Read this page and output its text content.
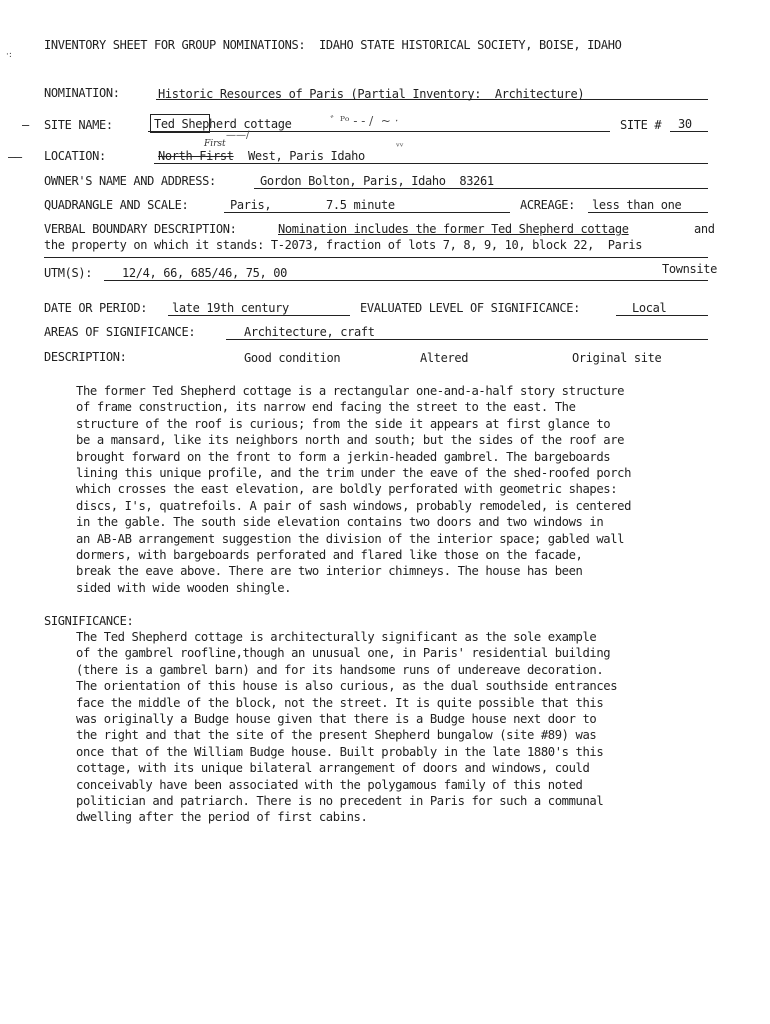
INVENTORY SHEET FOR GROUP NOMINATIONS:  IDAHO STATE HISTORICAL SOCIETY, BOISE, IDAHO
·:
NOMINATION:	Historic Resources of Paris (Partial Inventory:  Architecture)
— SITE NAME:	Ted Shepherd cottage	ﾞ ᴾᵒ - - /  ~ ˑ
——/
SITE # 30
—— LOCATION:	North First
First
West, Paris Idaho
ᵛᵛ
OWNER'S NAME AND ADDRESS:	Gordon Bolton, Paris, Idaho  83261
QUADRANGLE AND SCALE:	Paris,	7.5 minute	ACREAGE: less than one
VERBAL BOUNDARY DESCRIPTION:	Nomination includes the former Ted Shepherd cottage	and
the property on which it stands: T-2073, fraction of lots 7, 8, 9, 10, block 22,  Paris
Townsite
UTM(S): 12/4, 66, 685/46, 75, 00
DATE OR PERIOD: late 19th century	EVALUATED LEVEL OF SIGNIFICANCE:	Local
AREAS OF SIGNIFICANCE:	Architecture, craft
DESCRIPTION:	Good condition	Altered	Original site
The former Ted Shepherd cottage is a rectangular one-and-a-half story structure
of frame construction, its narrow end facing the street to the east. The
structure of the roof is curious; from the side it appears at first glance to
be a mansard, like its neighbors north and south; but the sides of the roof are
brought forward on the front to form a jerkin-headed gambrel. The bargeboards
lining this unique profile, and the trim under the eave of the shed-roofed porch
which crosses the east elevation, are boldly perforated with geometric shapes:
discs, I's, quatrefoils. A pair of sash windows, probably remodeled, is centered
in the gable. The south side elevation contains two doors and two windows in
an AB-AB arrangement suggestion the division of the interior space; gabled wall
dormers, with bargeboards perforated and flared like those on the facade,
break the eave above. There are two interior chimneys. The house has been
sided with wide wooden shingle.
SIGNIFICANCE:
The Ted Shepherd cottage is architecturally significant as the sole example
of the gambrel roofline,though an unusual one, in Paris' residential building
(there is a gambrel barn) and for its handsome runs of undereave decoration.
The orientation of this house is also curious, as the dual southside entrances
face the middle of the block, not the street. It is quite possible that this
was originally a Budge house given that there is a Budge house next door to
the right and that the site of the present Shepherd bungalow (site #89) was
once that of the William Budge house. Built probably in the late 1880's this
cottage, with its unique bilateral arrangement of doors and windows, could
conceivably have been associated with the polygamous family of this noted
politician and patriarch. There is no precedent in Paris for such a communal
dwelling after the period of first cabins.
